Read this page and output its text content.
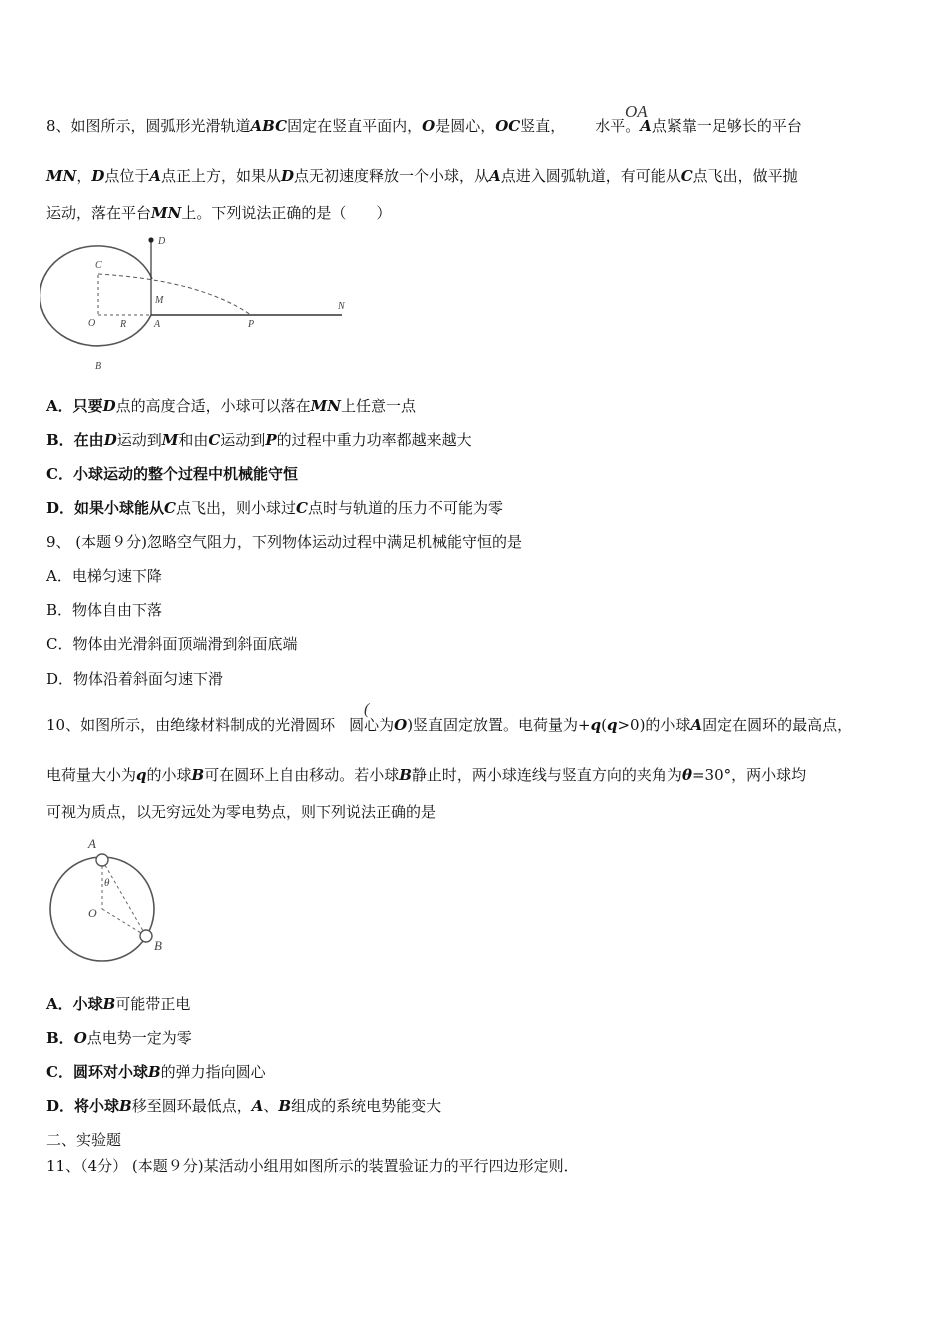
8、如图所示，圆弧形光滑轨道ABC固定在竖直平面内，O是圆心，OC竖直， 水平。A点紧靠一足够长的平台
OA
MN，D点位于A点正上方，如果从D点无初速度释放一个小球，从A点进入圆弧轨道，有可能从C点飞出，做平抛
运动，落在平台MN上。下列说法正确的是（　　）
D
C
M
N
O R	A	P
B
A．只要D点的高度合适，小球可以落在MN上任意一点
B．在由D运动到M和由C运动到P的过程中重力功率都越来越大
C．小球运动的整个过程中机械能守恒
D．如果小球能从C点飞出，则小球过C点时与轨道的压力不可能为零
9、 (本题９分)忽略空气阻力，下列物体运动过程中满足机械能守恒的是
A．电梯匀速下降
B．物体自由下落
C．物体由光滑斜面顶端滑到斜面底端
D．物体沿着斜面匀速下滑
10、如图所示，由绝缘材料制成的光滑圆环 圆心为O)竖直固定放置。电荷量为+q(q>0)的小球A固定在圆环的最高点，
(
电荷量大小为q的小球B可在圆环上自由移动。若小球B静止时，两小球连线与竖直方向的夹角为θ=30°，两小球均
可视为质点，以无穷远处为零电势点，则下列说法正确的是
A
θ
O
B
A．小球B可能带正电
B．O点电势一定为零
C．圆环对小球B的弹力指向圆心
D．将小球B移至圆环最低点，A、B组成的系统电势能变大
二、实验题
11、（4分） (本题９分)某活动小组用如图所示的装置验证力的平行四边形定则．
